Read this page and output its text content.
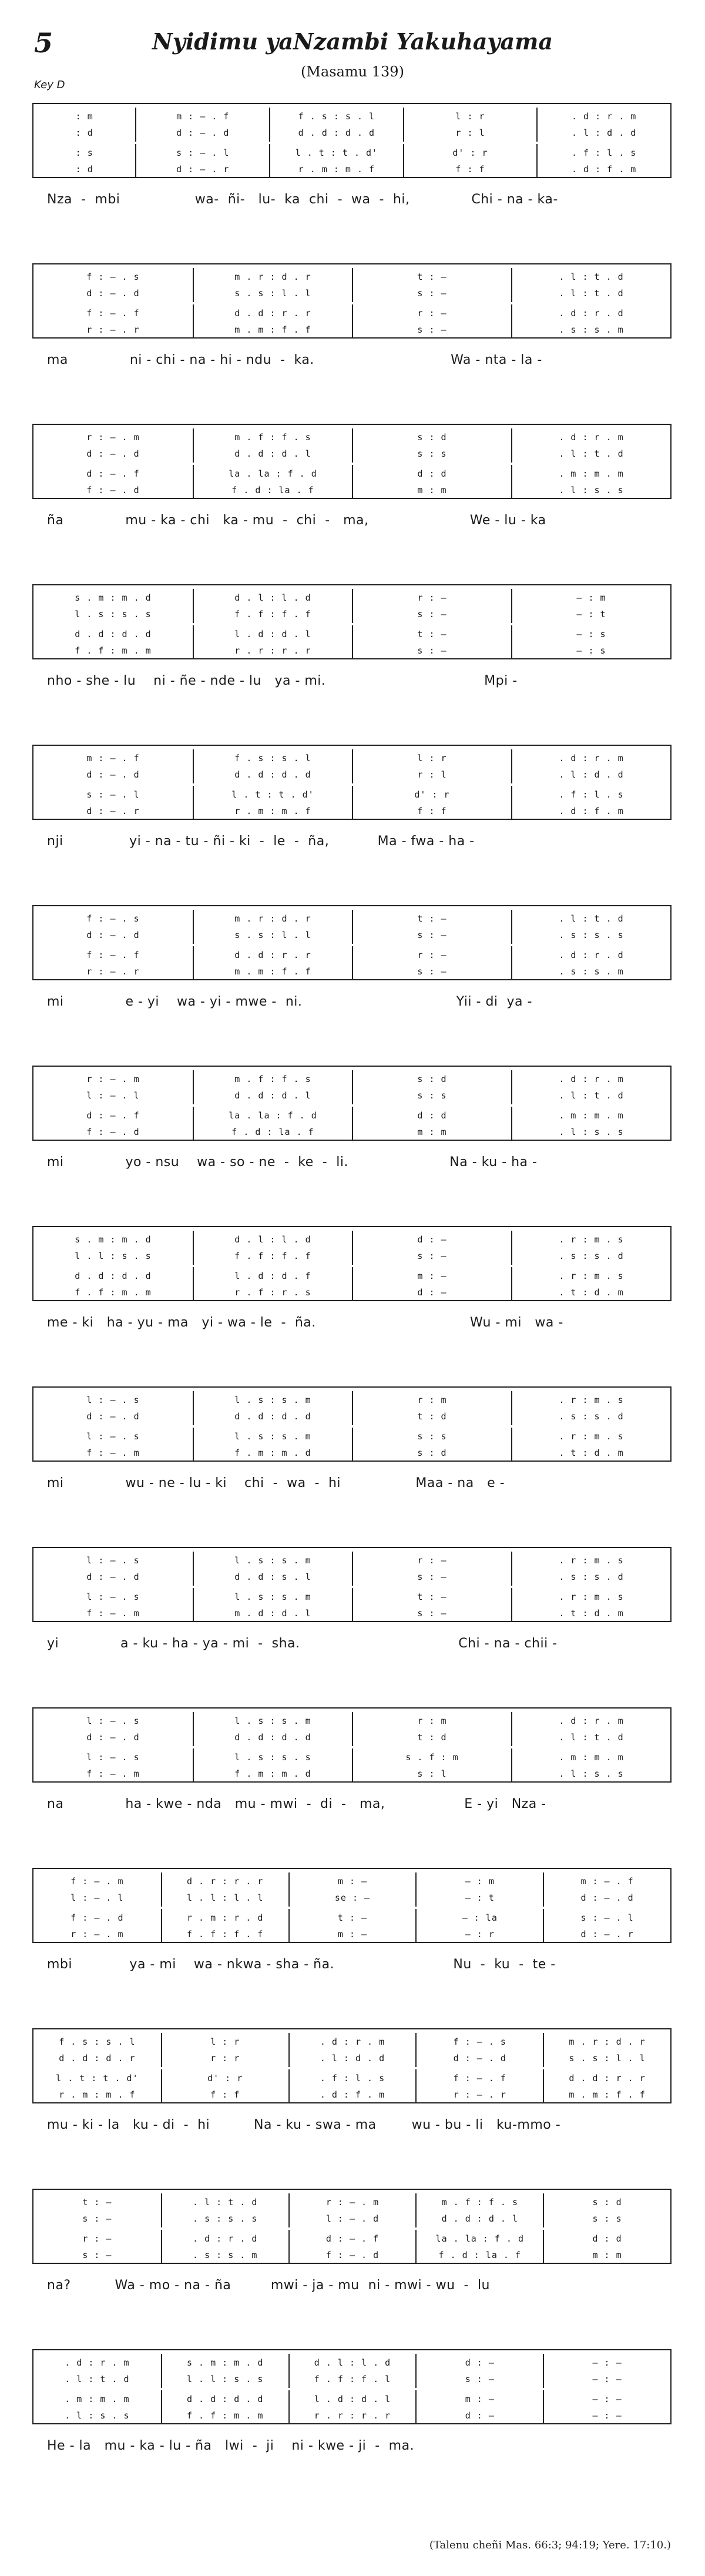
5	Nyidimu yaNzambi Yakuhayama
(Masamu 139)
Key D
: m	m : – . f	f . s : s . l	l : r	. d : r . m
: d	d : – . d	d . d : d . d	r : l	. l : d . d
: s	s : – . l	l . t : t . d'	d' : r	. f : l . s
: d	d : – . r	r . m : m . f	f : f	. d : f . m
Nza  -  mbi                 wa-  ñi-   lu-  ka  chi  -  wa  -  hi,              Chi - na - ka-
f : – . s	m . r : d . r	t : —	. l : t . d
d : – . d	s . s : l . l	s : —	. l : t . d
f : – . f	d . d : r . r	r : —	. d : r . d
r : – . r	m . m : f . f	s : —	. s : s . m
ma              ni - chi - na - hi - ndu  -  ka.                               Wa - nta - la -
r : – . m	m . f : f . s	s : d	. d : r . m
d : – . d	d . d : d . l	s : s	. l : t . d
d : – . f	la . la : f . d	d : d	. m : m . m
f : – . d	f . d : la . f	m : m	. l : s . s
ña              mu - ka - chi   ka - mu  -  chi  -   ma,                       We - lu - ka
s . m : m . d	d . l : l . d	r : —	— : m
l . s : s . s	f . f : f . f	s : —	— : t
d . d : d . d	l . d : d . l	t : —	— : s
f . f : m . m	r . r : r . r	s : —	— : s
nho - she - lu    ni - ñe - nde - lu   ya - mi.                                    Mpi -
m : – . f	f . s : s . l	l : r	. d : r . m
d : – . d	d . d : d . d	r : l	. l : d . d
s : – . l	l . t : t . d'	d' : r	. f : l . s
d : – . r	r . m : m . f	f : f	. d : f . m
nji               yi - na - tu - ñi - ki  -  le  -  ña,           Ma - fwa - ha -
f : – . s	m . r : d . r	t : —	. l : t . d
d : – . d	s . s : l . l	s : —	. s : s . s
f : – . f	d . d : r . r	r : —	. d : r . d
r : – . r	m . m : f . f	s : —	. s : s . m
mi              e - yi    wa - yi - mwe -  ni.                                   Yii - di  ya -
r : – . m	m . f : f . s	s : d	. d : r . m
l : – . l	d . d : d . l	s : s	. l : t . d
d : – . f	la . la : f . d	d : d	. m : m . m
f : – . d	f . d : la . f	m : m	. l : s . s
mi              yo - nsu    wa - so - ne  -  ke  -  li.                       Na - ku - ha -
s . m : m . d	d . l : l . d	d : —	. r : m . s
l . l : s . s	f . f : f . f	s : —	. s : s . d
d . d : d . d	l . d : d . f	m : —	. r : m . s
f . f : m . m	r . f : r . s	d : —	. t : d . m
me - ki   ha - yu - ma   yi - wa - le  -  ña.                                   Wu - mi   wa -
l : – . s	l . s : s . m	r : m	. r : m . s
d : – . d	d . d : d . d	t : d	. s : s . d
l : – . s	l . s : s . m	s : s	. r : m . s
f : – . m	f . m : m . d	s : d	. t : d . m
mi              wu - ne - lu - ki    chi  -  wa  -  hi                 Maa - na   e -
l : – . s	l . s : s . m	r : —	. r : m . s
d : – . d	d . d : s . l	s : —	. s : s . d
l : – . s	l . s : s . m	t : —	. r : m . s
f : – . m	m . d : d . l	s : —	. t : d . m
yi              a - ku - ha - ya - mi  -  sha.                                    Chi - na - chii -
l : – . s	l . s : s . m	r : m	. d : r . m
d : – . d	d . d : d . d	t : d	. l : t . d
l : – . s	l . s : s . s	s . f : m	. m : m . m
f : – . m	f . m : m . d	s : l	. l : s . s
na              ha - kwe - nda   mu - mwi  -  di  -   ma,                  E - yi   Nza -
f : – . m	d . r : r . r	m : —	— : m	m : – . f
l : – . l	l . l : l . l	se : —	— : t	d : – . d
f : – . d	r . m : r . d	t : —	— : la	s : – . l
r : – . m	f . f : f . f	m : —	— : r	d : – . r
mbi             ya - mi    wa - nkwa - sha - ña.                           Nu  -  ku  -  te -
f . s : s . l	l : r	. d : r . m	f : – . s	m . r : d . r
d . d : d . r	r : r	. l : d . d	d : – . d	s . s : l . l
l . t : t . d'	d' : r	. f : l . s	f : – . f	d . d : r . r
r . m : m . f	f : f	. d : f . m	r : – . r	m . m : f . f
mu - ki - la   ku - di  -  hi          Na - ku - swa - ma        wu - bu - li   ku-mmo -
t : —	. l : t . d	r : – . m	m . f : f . s	s : d
s : —	. s : s . s	l : – . d	d . d : d . l	s : s
r : —	. d : r . d	d : – . f	la . la : f . d	d : d
s : —	. s : s . m	f : – . d	f . d : la . f	m : m
na?          Wa - mo - na - ña         mwi - ja - mu  ni - mwi - wu  -  lu
. d : r . m	s . m : m . d	d . l : l . d	d : —	— : —
. l : t . d	l . l : s . s	f . f : f . l	s : —	— : —
. m : m . m	d . d : d . d	l . d : d . l	m : —	— : —
. l : s . s	f . f : m . m	r . r : r . r	d : —	— : —
He - la   mu - ka - lu - ña   lwi  -  ji    ni - kwe - ji  -  ma.
(Talenu cheñi Mas. 66:3; 94:19; Yere. 17:10.)
